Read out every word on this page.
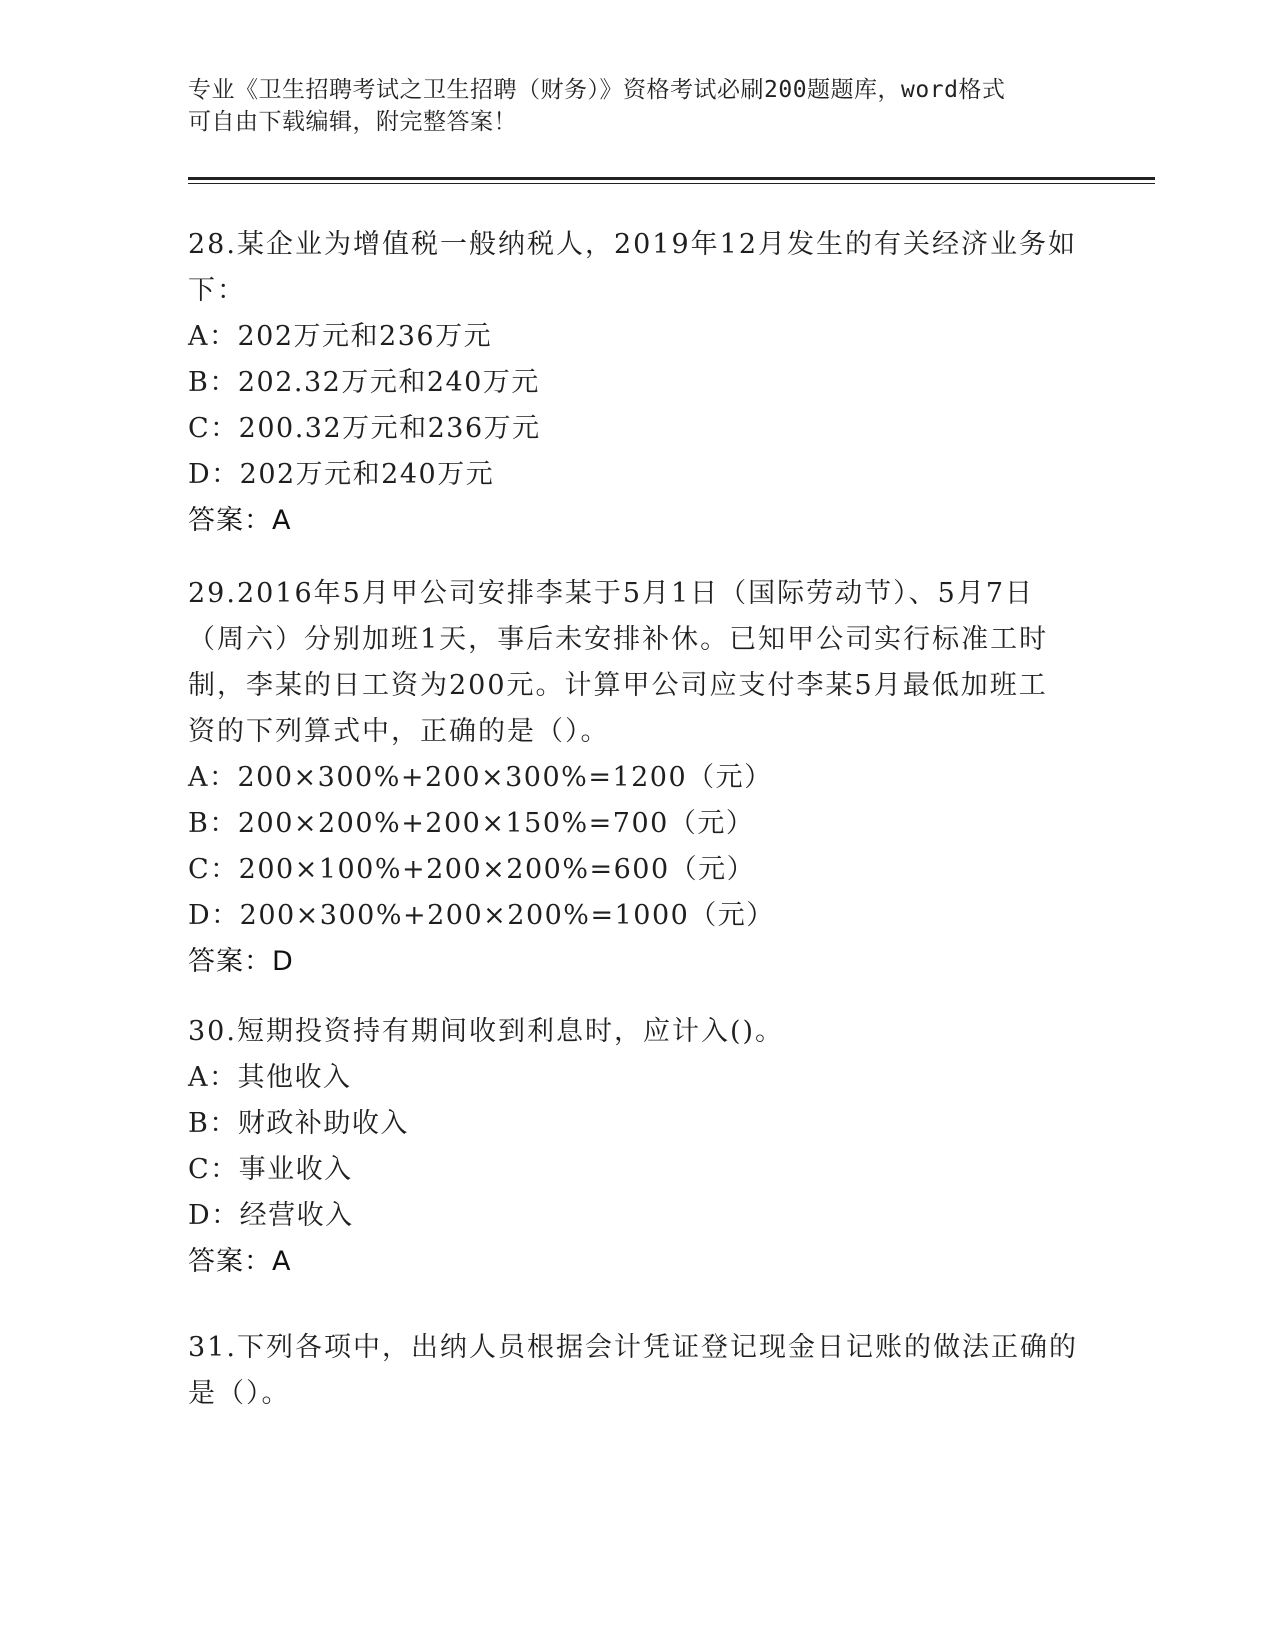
专业《卫生招聘考试之卫生招聘（财务）》资格考试必刷200题题库，word格式
可自由下载编辑，附完整答案！
28.某企业为增值税一般纳税人，2019年12月发生的有关经济业务如
下：
A：202万元和236万元
B：202.32万元和240万元
C：200.32万元和236万元
D：202万元和240万元
答案：A
29.2016年5月甲公司安排李某于5月1日（国际劳动节）、5月7日
（周六）分别加班1天，事后未安排补休。已知甲公司实行标准工时
制，李某的日工资为200元。计算甲公司应支付李某5月最低加班工
资的下列算式中，正确的是（）。
A：200×300%+200×300%=1200（元）
B：200×200%+200×150%=700（元）
C：200×100%+200×200%=600（元）
D：200×300%+200×200%=1000（元）
答案：D
30.短期投资持有期间收到利息时，应计入()。
A：其他收入
B：财政补助收入
C：事业收入
D：经营收入
答案：A
31.下列各项中，出纳人员根据会计凭证登记现金日记账的做法正确的
是（）。
